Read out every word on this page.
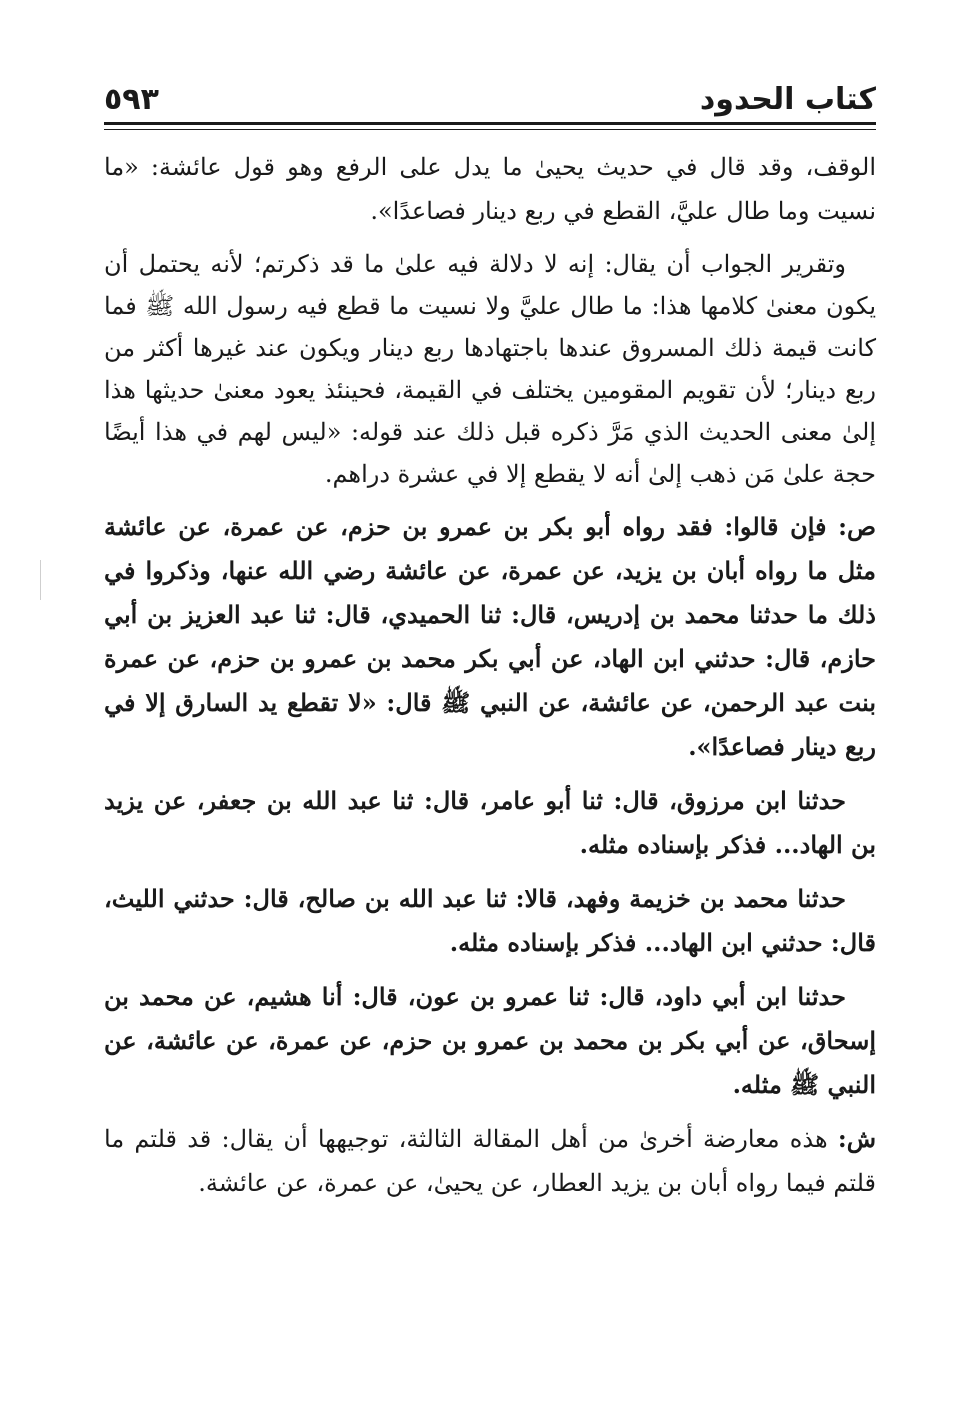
كتاب الحدود
٥٩٣

الوقف، وقد قال في حديث يحيىٰ ما يدل على الرفع وهو قول عائشة: «ما نسيت وما طال عليَّ، القطع في ربع دينار فصاعدًا».

وتقرير الجواب أن يقال: إنه لا دلالة فيه علىٰ ما قد ذكرتم؛ لأنه يحتمل أن يكون معنىٰ كلامها هذا: ما طال عليَّ ولا نسيت ما قطع فيه رسول الله ﷺ فما كانت قيمة ذلك المسروق عندها باجتهادها ربع دينار ويكون عند غيرها أكثر من ربع دينار؛ لأن تقويم المقومين يختلف في القيمة، فحينئذ يعود معنىٰ حديثها هذا إلىٰ معنى الحديث الذي مَرَّ ذكره قبل ذلك عند قوله: «ليس لهم في هذا أيضًا حجة علىٰ مَن ذهب إلىٰ أنه لا يقطع إلا في عشرة دراهم.

ص: فإن قالوا: فقد رواه أبو بكر بن عمرو بن حزم، عن عمرة، عن عائشة مثل ما رواه أبان بن يزيد، عن عمرة، عن عائشة رضي الله عنها، وذكروا في ذلك ما حدثنا محمد بن إدريس، قال: ثنا الحميدي، قال: ثنا عبد العزيز بن أبي حازم، قال: حدثني ابن الهاد، عن أبي بكر محمد بن عمرو بن حزم، عن عمرة بنت عبد الرحمن، عن عائشة، عن النبي ﷺ قال: «لا تقطع يد السارق إلا في ربع دينار فصاعدًا».

حدثنا ابن مرزوق، قال: ثنا أبو عامر، قال: ثنا عبد الله بن جعفر، عن يزيد بن الهاد... فذكر بإسناده مثله.

حدثنا محمد بن خزيمة وفهد، قالا: ثنا عبد الله بن صالح، قال: حدثني الليث، قال: حدثني ابن الهاد... فذكر بإسناده مثله.

حدثنا ابن أبي داود، قال: ثنا عمرو بن عون، قال: أنا هشيم، عن محمد بن إسحاق، عن أبي بكر بن محمد بن عمرو بن حزم، عن عمرة، عن عائشة، عن النبي ﷺ مثله.

ش: هذه معارضة أخرىٰ من أهل المقالة الثالثة، توجيهها أن يقال: قد قلتم ما قلتم فيما رواه أبان بن يزيد العطار، عن يحيىٰ، عن عمرة، عن عائشة.
